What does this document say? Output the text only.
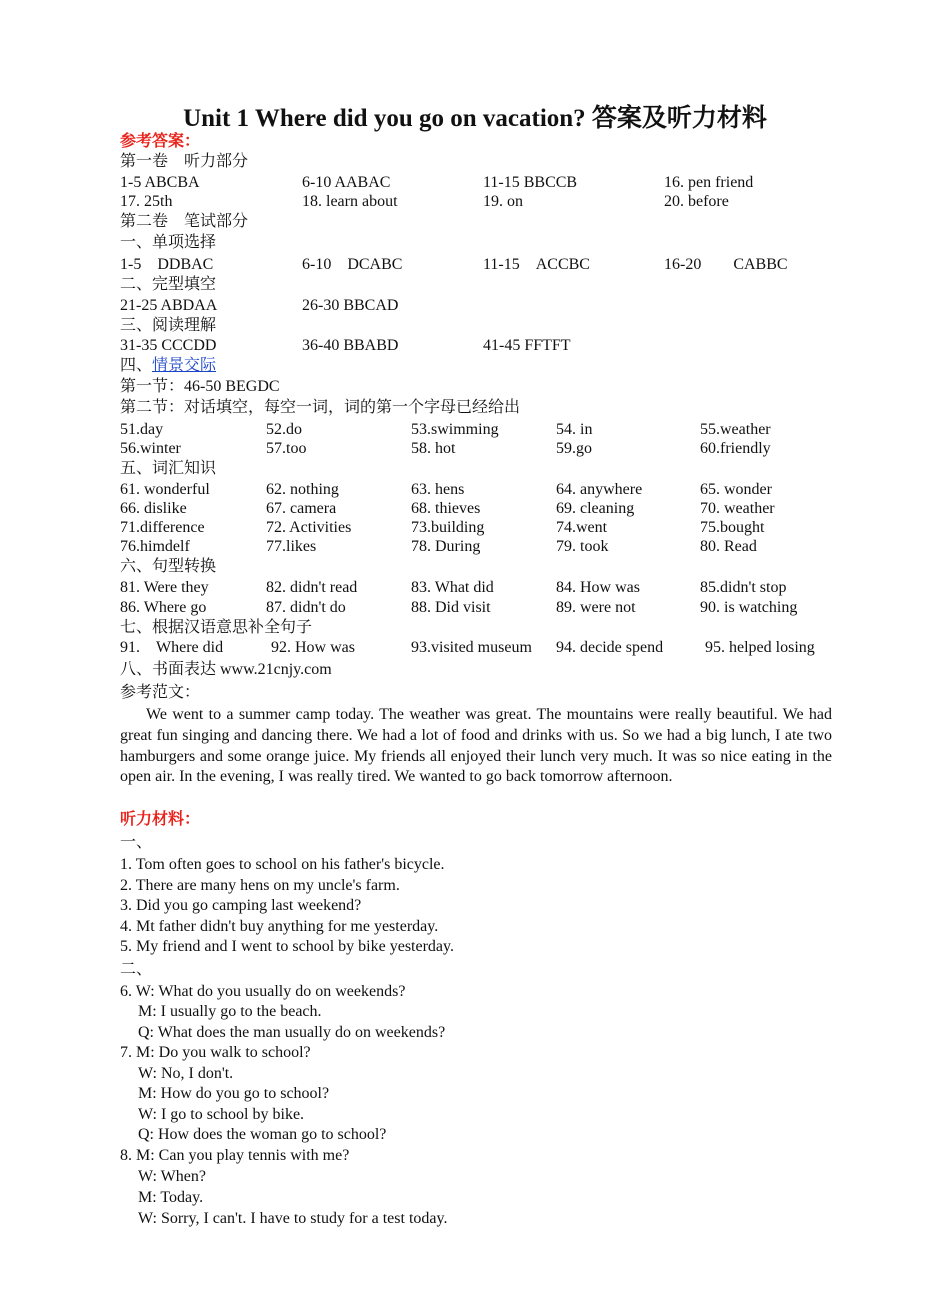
Unit 1 Where did you go on vacation? 答案及听力材料
参考答案：
第一卷　听力部分
1-5 ABCBA	6-10 AABAC	11-15 BBCCB	16. pen friend
17. 25th	18. learn about	19. on	20. before
第二卷　笔试部分
一、单项选择
1-5　DDBAC	6-10　DCABC	11-15　ACCBC	16-20　　CABBC
二、完型填空
21-25 ABDAA	26-30 BBCAD
三、阅读理解
31-35 CCCDD	36-40 BBABD	41-45 FFTFT
四、情景交际
第一节：46-50 BEGDC
第二节：对话填空，每空一词，词的第一个字母已经给出
51.day	52.do	53.swimming	54. in	55.weather
56.winter	57.too	58. hot	59.go	60.friendly
五、词汇知识
61. wonderful	62. nothing	63. hens	64. anywhere	65. wonder
66. dislike	67. camera	68. thieves	69. cleaning	70. weather
71.difference	72. Activities	73.building	74.went	75.bought
76.himdelf	77.likes	78. During	79. took	80. Read
六、句型转换
81. Were they	82. didn't read	83. What did	84. How was	85.didn't stop
86. Where go	87. didn't do	88. Did visit	89. were not	90. is watching
七、根据汉语意思补全句子
91.　Where did	92. How was	93.visited museum 94. decide spend	95. helped losing
八、书面表达 www.21cnjy.com
参考范文：
We went to a summer camp today. The weather was great. The mountains were really beautiful. We had great fun singing and dancing there. We had a lot of food and drinks with us. So we had a big lunch, I ate two hamburgers and some orange juice. My friends all enjoyed their lunch very much. It was so nice eating in the open air. In the evening, I was really tired. We wanted to go back tomorrow afternoon.
听力材料：
一、
1. Tom often goes to school on his father's bicycle.
2. There are many hens on my uncle's farm.
3. Did you go camping last weekend?
4. Mt father didn't buy anything for me yesterday.
5. My friend and I went to school by bike yesterday.
二、
6. W: What do you usually do on weekends?
M: I usually go to the beach.
Q: What does the man usually do on weekends?
7. M: Do you walk to school?
W: No, I don't.
M: How do you go to school?
W: I go to school by bike.
Q: How does the woman go to school?
8. M: Can you play tennis with me?
W: When?
M: Today.
W: Sorry, I can't. I have to study for a test today.
